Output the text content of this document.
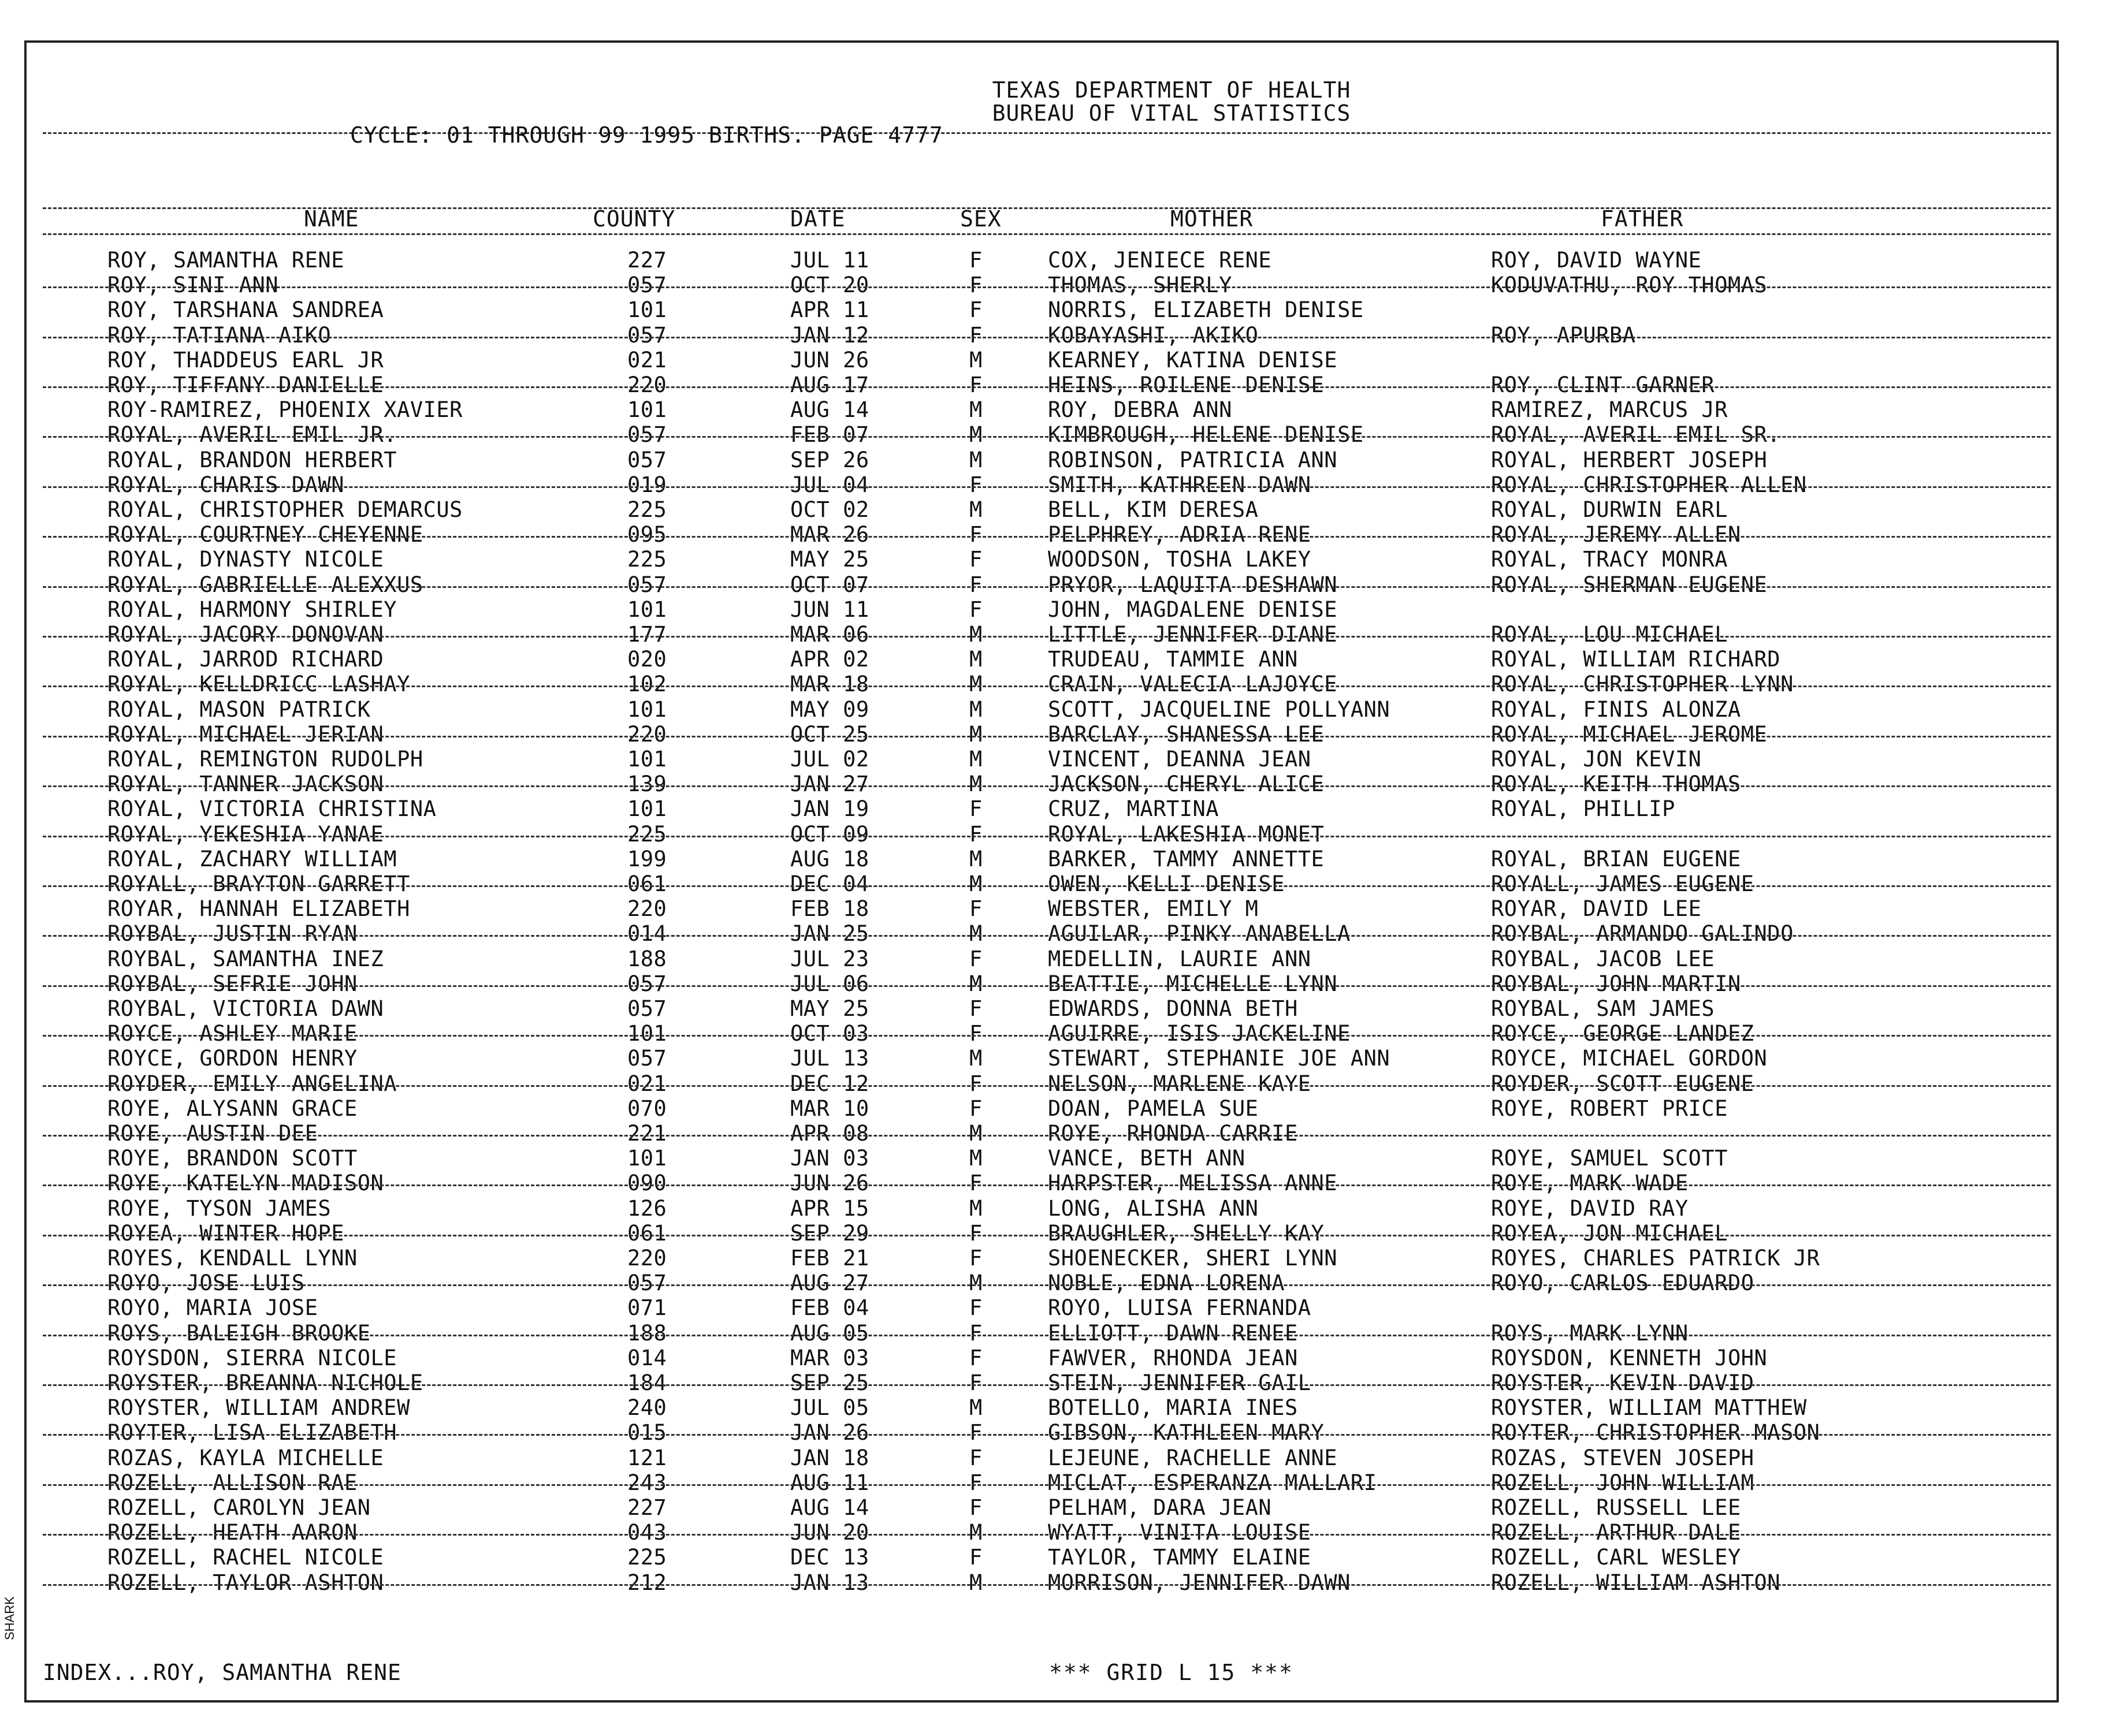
TEXAS DEPARTMENT OF HEALTH
BUREAU OF VITAL STATISTICS
CYCLE: 01 THROUGH 99 1995 BIRTHS. PAGE 4777
NAME	COUNTY	DATE	SEX	MOTHER	FATHER
ROY, SAMANTHA RENE	227	JUL 11	F	COX, JENIECE RENE	ROY, DAVID WAYNE
ROY, SINI ANN	057	OCT 20	F	THOMAS, SHERLY	KODUVATHU, ROY THOMAS
ROY, TARSHANA SANDREA	101	APR 11	F	NORRIS, ELIZABETH DENISE
ROY, TATIANA AIKO	057	JAN 12	F	KOBAYASHI, AKIKO	ROY, APURBA
ROY, THADDEUS EARL JR	021	JUN 26	M	KEARNEY, KATINA DENISE
ROY, TIFFANY DANIELLE	220	AUG 17	F	HEINS, ROILENE DENISE	ROY, CLINT GARNER
ROY-RAMIREZ, PHOENIX XAVIER	101	AUG 14	M	ROY, DEBRA ANN	RAMIREZ, MARCUS JR
ROYAL, AVERIL EMIL JR.	057	FEB 07	M	KIMBROUGH, HELENE DENISE	ROYAL, AVERIL EMIL SR.
ROYAL, BRANDON HERBERT	057	SEP 26	M	ROBINSON, PATRICIA ANN	ROYAL, HERBERT JOSEPH
ROYAL, CHARIS DAWN	019	JUL 04	F	SMITH, KATHREEN DAWN	ROYAL, CHRISTOPHER ALLEN
ROYAL, CHRISTOPHER DEMARCUS	225	OCT 02	M	BELL, KIM DERESA	ROYAL, DURWIN EARL
ROYAL, COURTNEY CHEYENNE	095	MAR 26	F	PELPHREY, ADRIA RENE	ROYAL, JEREMY ALLEN
ROYAL, DYNASTY NICOLE	225	MAY 25	F	WOODSON, TOSHA LAKEY	ROYAL, TRACY MONRA
ROYAL, GABRIELLE ALEXXUS	057	OCT 07	F	PRYOR, LAQUITA DESHAWN	ROYAL, SHERMAN EUGENE
ROYAL, HARMONY SHIRLEY	101	JUN 11	F	JOHN, MAGDALENE DENISE
ROYAL, JACORY DONOVAN	177	MAR 06	M	LITTLE, JENNIFER DIANE	ROYAL, LOU MICHAEL
ROYAL, JARROD RICHARD	020	APR 02	M	TRUDEAU, TAMMIE ANN	ROYAL, WILLIAM RICHARD
ROYAL, KELLDRICC LASHAY	102	MAR 18	M	CRAIN, VALECIA LAJOYCE	ROYAL, CHRISTOPHER LYNN
ROYAL, MASON PATRICK	101	MAY 09	M	SCOTT, JACQUELINE POLLYANN	ROYAL, FINIS ALONZA
ROYAL, MICHAEL JERIAN	220	OCT 25	M	BARCLAY, SHANESSA LEE	ROYAL, MICHAEL JEROME
ROYAL, REMINGTON RUDOLPH	101	JUL 02	M	VINCENT, DEANNA JEAN	ROYAL, JON KEVIN
ROYAL, TANNER JACKSON	139	JAN 27	M	JACKSON, CHERYL ALICE	ROYAL, KEITH THOMAS
ROYAL, VICTORIA CHRISTINA	101	JAN 19	F	CRUZ, MARTINA	ROYAL, PHILLIP
ROYAL, YEKESHIA YANAE	225	OCT 09	F	ROYAL, LAKESHIA MONET
ROYAL, ZACHARY WILLIAM	199	AUG 18	M	BARKER, TAMMY ANNETTE	ROYAL, BRIAN EUGENE
ROYALL, BRAYTON GARRETT	061	DEC 04	M	OWEN, KELLI DENISE	ROYALL, JAMES EUGENE
ROYAR, HANNAH ELIZABETH	220	FEB 18	F	WEBSTER, EMILY M	ROYAR, DAVID LEE
ROYBAL, JUSTIN RYAN	014	JAN 25	M	AGUILAR, PINKY ANABELLA	ROYBAL, ARMANDO GALINDO
ROYBAL, SAMANTHA INEZ	188	JUL 23	F	MEDELLIN, LAURIE ANN	ROYBAL, JACOB LEE
ROYBAL, SEFRIE JOHN	057	JUL 06	M	BEATTIE, MICHELLE LYNN	ROYBAL, JOHN MARTIN
ROYBAL, VICTORIA DAWN	057	MAY 25	F	EDWARDS, DONNA BETH	ROYBAL, SAM JAMES
ROYCE, ASHLEY MARIE	101	OCT 03	F	AGUIRRE, ISIS JACKELINE	ROYCE, GEORGE LANDEZ
ROYCE, GORDON HENRY	057	JUL 13	M	STEWART, STEPHANIE JOE ANN	ROYCE, MICHAEL GORDON
ROYDER, EMILY ANGELINA	021	DEC 12	F	NELSON, MARLENE KAYE	ROYDER, SCOTT EUGENE
ROYE, ALYSANN GRACE	070	MAR 10	F	DOAN, PAMELA SUE	ROYE, ROBERT PRICE
ROYE, AUSTIN DEE	221	APR 08	M	ROYE, RHONDA CARRIE
ROYE, BRANDON SCOTT	101	JAN 03	M	VANCE, BETH ANN	ROYE, SAMUEL SCOTT
ROYE, KATELYN MADISON	090	JUN 26	F	HARPSTER, MELISSA ANNE	ROYE, MARK WADE
ROYE, TYSON JAMES	126	APR 15	M	LONG, ALISHA ANN	ROYE, DAVID RAY
ROYEA, WINTER HOPE	061	SEP 29	F	BRAUGHLER, SHELLY KAY	ROYEA, JON MICHAEL
ROYES, KENDALL LYNN	220	FEB 21	F	SHOENECKER, SHERI LYNN	ROYES, CHARLES PATRICK JR
ROYO, JOSE LUIS	057	AUG 27	M	NOBLE, EDNA LORENA	ROYO, CARLOS EDUARDO
ROYO, MARIA JOSE	071	FEB 04	F	ROYO, LUISA FERNANDA
ROYS, BALEIGH BROOKE	188	AUG 05	F	ELLIOTT, DAWN RENEE	ROYS, MARK LYNN
ROYSDON, SIERRA NICOLE	014	MAR 03	F	FAWVER, RHONDA JEAN	ROYSDON, KENNETH JOHN
ROYSTER, BREANNA NICHOLE	184	SEP 25	F	STEIN, JENNIFER GAIL	ROYSTER, KEVIN DAVID
ROYSTER, WILLIAM ANDREW	240	JUL 05	M	BOTELLO, MARIA INES	ROYSTER, WILLIAM MATTHEW
ROYTER, LISA ELIZABETH	015	JAN 26	F	GIBSON, KATHLEEN MARY	ROYTER, CHRISTOPHER MASON
ROZAS, KAYLA MICHELLE	121	JAN 18	F	LEJEUNE, RACHELLE ANNE	ROZAS, STEVEN JOSEPH
ROZELL, ALLISON RAE	243	AUG 11	F	MICLAT, ESPERANZA MALLARI	ROZELL, JOHN WILLIAM
ROZELL, CAROLYN JEAN	227	AUG 14	F	PELHAM, DARA JEAN	ROZELL, RUSSELL LEE
ROZELL, HEATH AARON	043	JUN 20	M	WYATT, VINITA LOUISE	ROZELL, ARTHUR DALE
ROZELL, RACHEL NICOLE	225	DEC 13	F	TAYLOR, TAMMY ELAINE	ROZELL, CARL WESLEY
ROZELL, TAYLOR ASHTON	212	JAN 13	M	MORRISON, JENNIFER DAWN	ROZELL, WILLIAM ASHTON
INDEX...ROY, SAMANTHA RENE	*** GRID L 15 ***
SHARK
